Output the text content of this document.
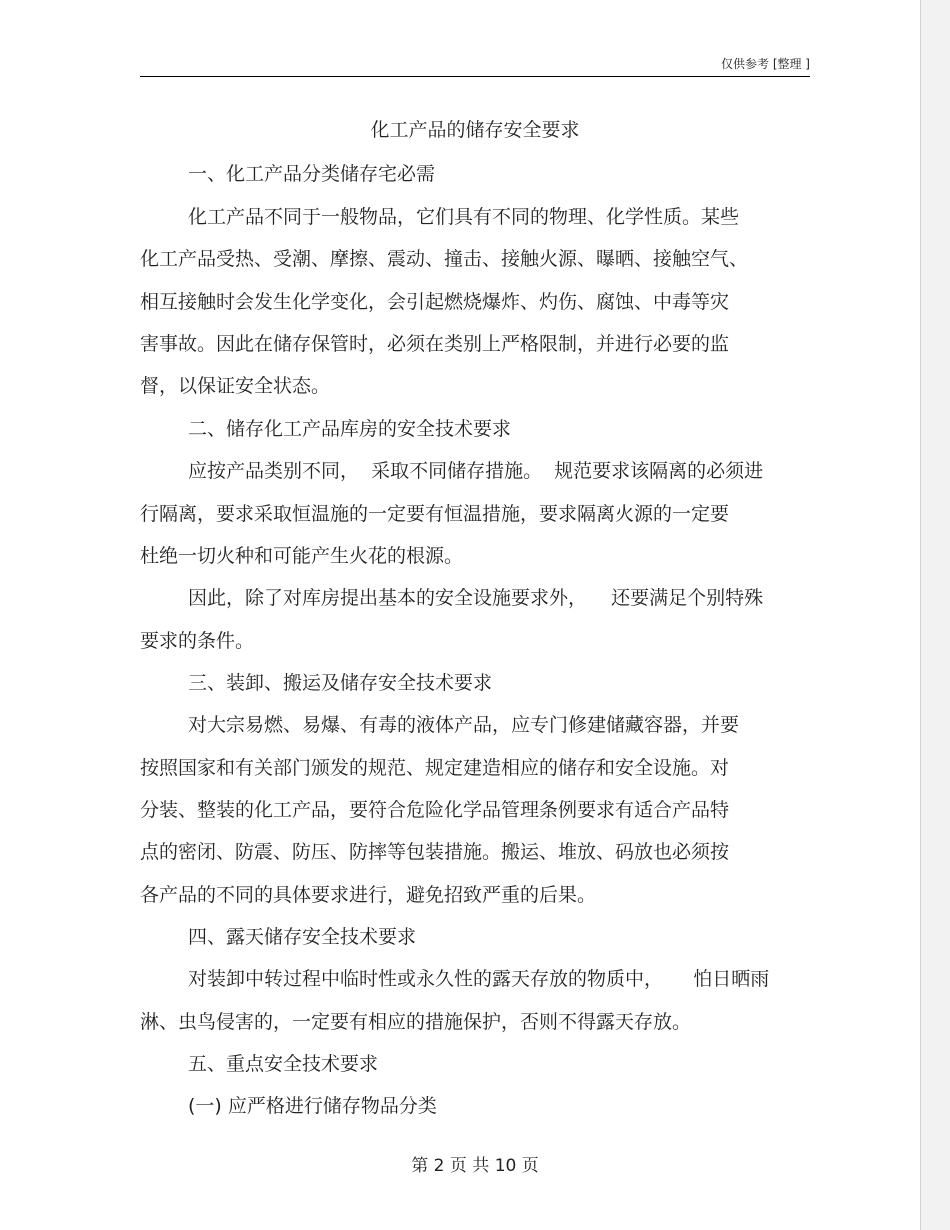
仅供参考 [整理 ]
化工产品的储存安全要求
一、化工产品分类储存宅必需
化工产品不同于一般物品，它们具有不同的物理、化学性质。某些
化工产品受热、受潮、摩擦、震动、撞击、接触火源、曝晒、接触空气、
相互接触时会发生化学变化，会引起燃烧爆炸、灼伤、腐蚀、中毒等灾
害事故。因此在储存保管时，必须在类别上严格限制，并进行必要的监
督，以保证安全状态。
二、储存化工产品库房的安全技术要求
应按产品类别不同，  采取不同储存措施。  规范要求该隔离的必须进
行隔离，要求采取恒温施的一定要有恒温措施，要求隔离火源的一定要
杜绝一切火种和可能产生火花的根源。
因此，除了对库房提出基本的安全设施要求外，    还要满足个别特殊
要求的条件。
三、装卸、搬运及储存安全技术要求
对大宗易燃、易爆、有毒的液体产品，应专门修建储藏容器，并要
按照国家和有关部门颁发的规范、规定建造相应的储存和安全设施。对
分装、整装的化工产品，要符合危险化学品管理条例要求有适合产品特
点的密闭、防震、防压、防摔等包装措施。搬运、堆放、码放也必须按
各产品的不同的具体要求进行，避免招致严重的后果。
四、露天储存安全技术要求
对装卸中转过程中临时性或永久性的露天存放的物质中，     怕日晒雨
淋、虫鸟侵害的，一定要有相应的措施保护，否则不得露天存放。
五、重点安全技术要求
(一) 应严格进行储存物品分类
第 2 页 共 10 页
